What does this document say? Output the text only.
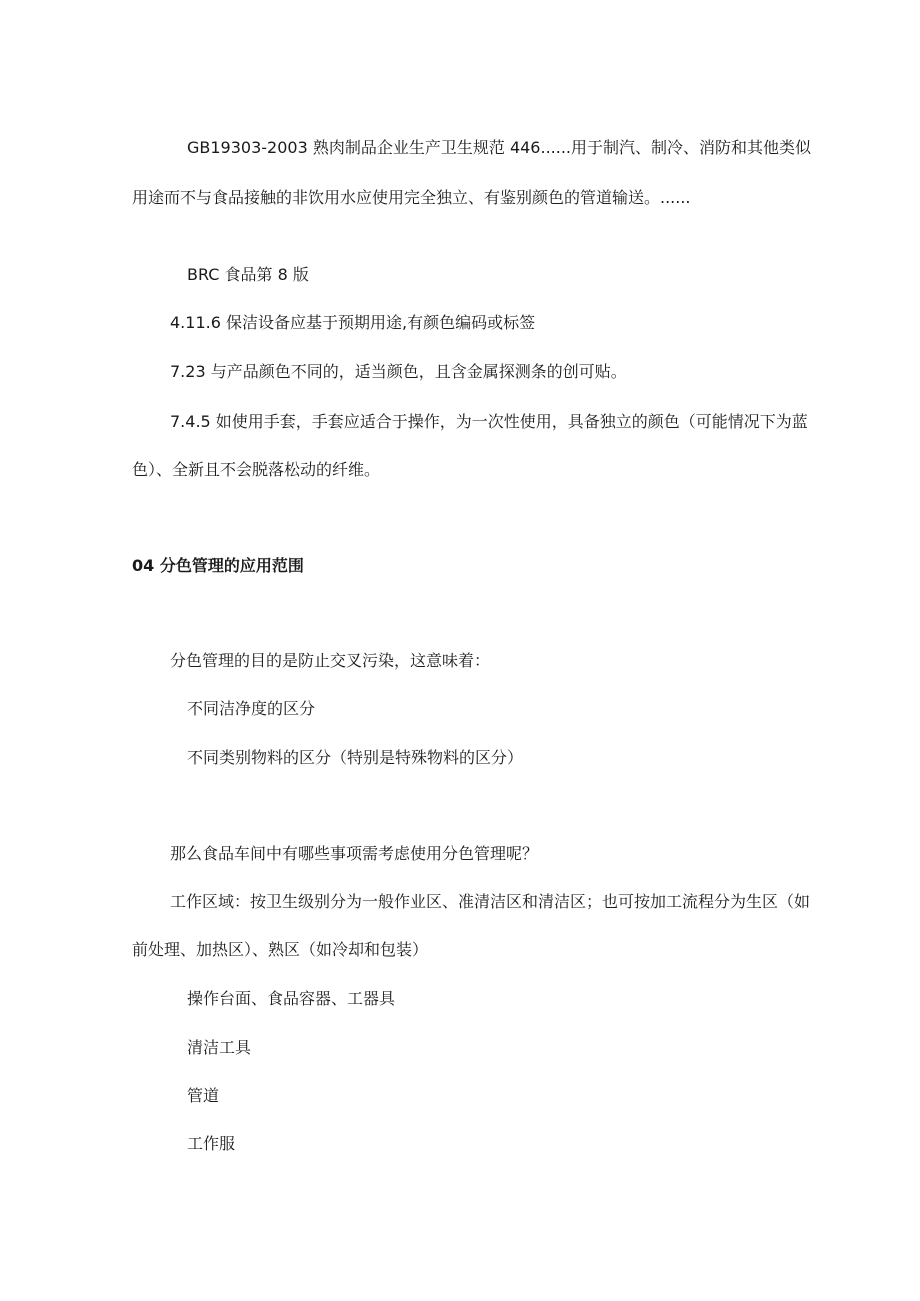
GB19303-2003 熟肉制品企业生产卫生规范 446......用于制汽、制冷、消防和其他类似
用途而不与食品接触的非饮用水应使用完全独立、有鉴别颜色的管道输送。......
BRC 食品第 8 版
4.11.6 保洁设备应基于预期用途,有颜色编码或标签
7.23 与产品颜色不同的，适当颜色，且含金属探测条的创可贴。
7.4.5 如使用手套，手套应适合于操作，为一次性使用，具备独立的颜色（可能情况下为蓝
色）、全新且不会脱落松动的纤维。
04 分色管理的应用范围
分色管理的目的是防止交叉污染，这意味着：
不同洁净度的区分
不同类别物料的区分（特别是特殊物料的区分）
那么食品车间中有哪些事项需考虑使用分色管理呢？
工作区域：按卫生级别分为一般作业区、准清洁区和清洁区；也可按加工流程分为生区（如
前处理、加热区）、熟区（如冷却和包装）
操作台面、食品容器、工器具
清洁工具
管道
工作服
